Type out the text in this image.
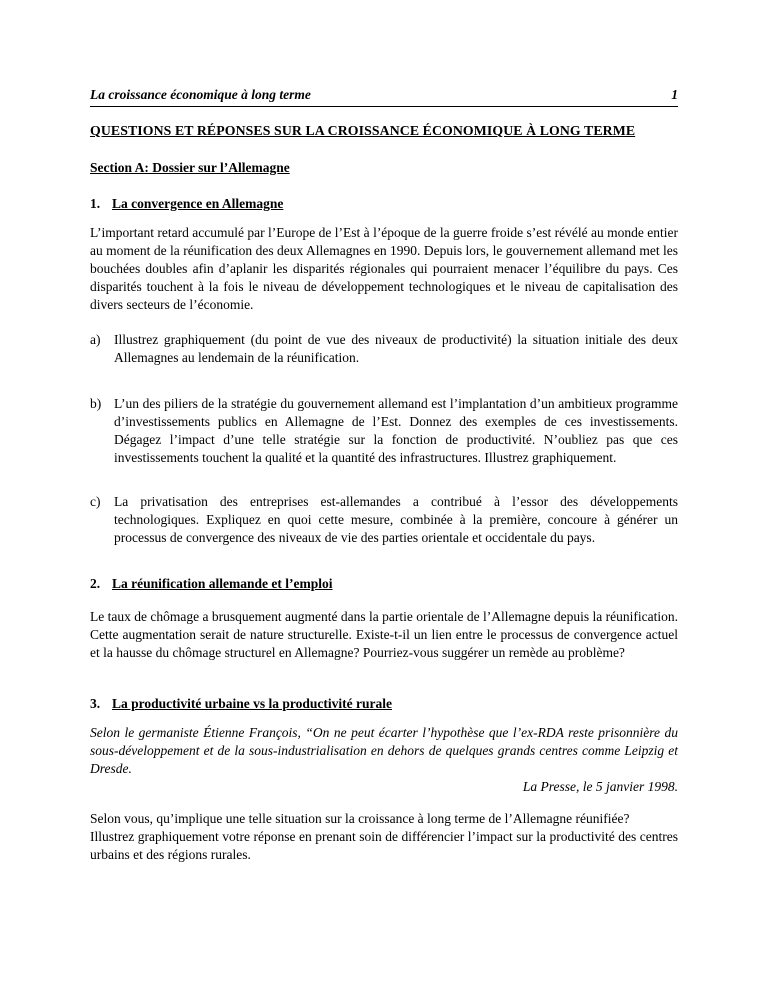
La croissance économique à long terme	1
QUESTIONS ET RÉPONSES SUR LA CROISSANCE ÉCONOMIQUE À LONG TERME
Section A: Dossier sur l’Allemagne
1. La convergence en Allemagne
L’important retard accumulé par l’Europe de l’Est à l’époque de la guerre froide s’est révélé au monde entier au moment de la réunification des deux Allemagnes en 1990. Depuis lors, le gouvernement allemand met les bouchées doubles afin d’aplanir les disparités régionales qui pourraient menacer l’équilibre du pays. Ces disparités touchent à la fois le niveau de développement technologiques et le niveau de capitalisation des divers secteurs de l’économie.
a)	Illustrez graphiquement (du point de vue des niveaux de productivité) la situation initiale des deux Allemagnes au lendemain de la réunification.
b) L’un des piliers de la stratégie du gouvernement allemand est l’implantation d’un ambitieux programme d’investissements publics en Allemagne de l’Est. Donnez des exemples de ces investissements. Dégagez l’impact d’une telle stratégie sur la fonction de productivité. N’oubliez pas que ces investissements touchent la qualité et la quantité des infrastructures. Illustrez graphiquement.
c)	La privatisation des entreprises est-allemandes a contribué à l’essor des développements technologiques. Expliquez en quoi cette mesure, combinée à la première, concoure à générer un processus de convergence des niveaux de vie des parties orientale et occidentale du pays.
2. La réunification allemande et l’emploi
Le taux de chômage a brusquement augmenté dans la partie orientale de l’Allemagne depuis la réunification. Cette augmentation serait de nature structurelle. Existe-t-il un lien entre le processus de convergence actuel et la hausse du chômage structurel en Allemagne? Pourriez-vous suggérer un remède au problème?
3. La productivité urbaine vs la productivité rurale
Selon le germaniste Étienne François, “On ne peut écarter l’hypothèse que l’ex-RDA reste prisonnière du sous-développement et de la sous-industrialisation en dehors de quelques grands centres comme Leipzig et Dresde.
La Presse, le 5 janvier 1998.
Selon vous, qu’implique une telle situation sur la croissance à long terme de l’Allemagne réunifiée?
Illustrez graphiquement votre réponse en prenant soin de différencier l’impact sur la productivité des centres urbains et des régions rurales.
